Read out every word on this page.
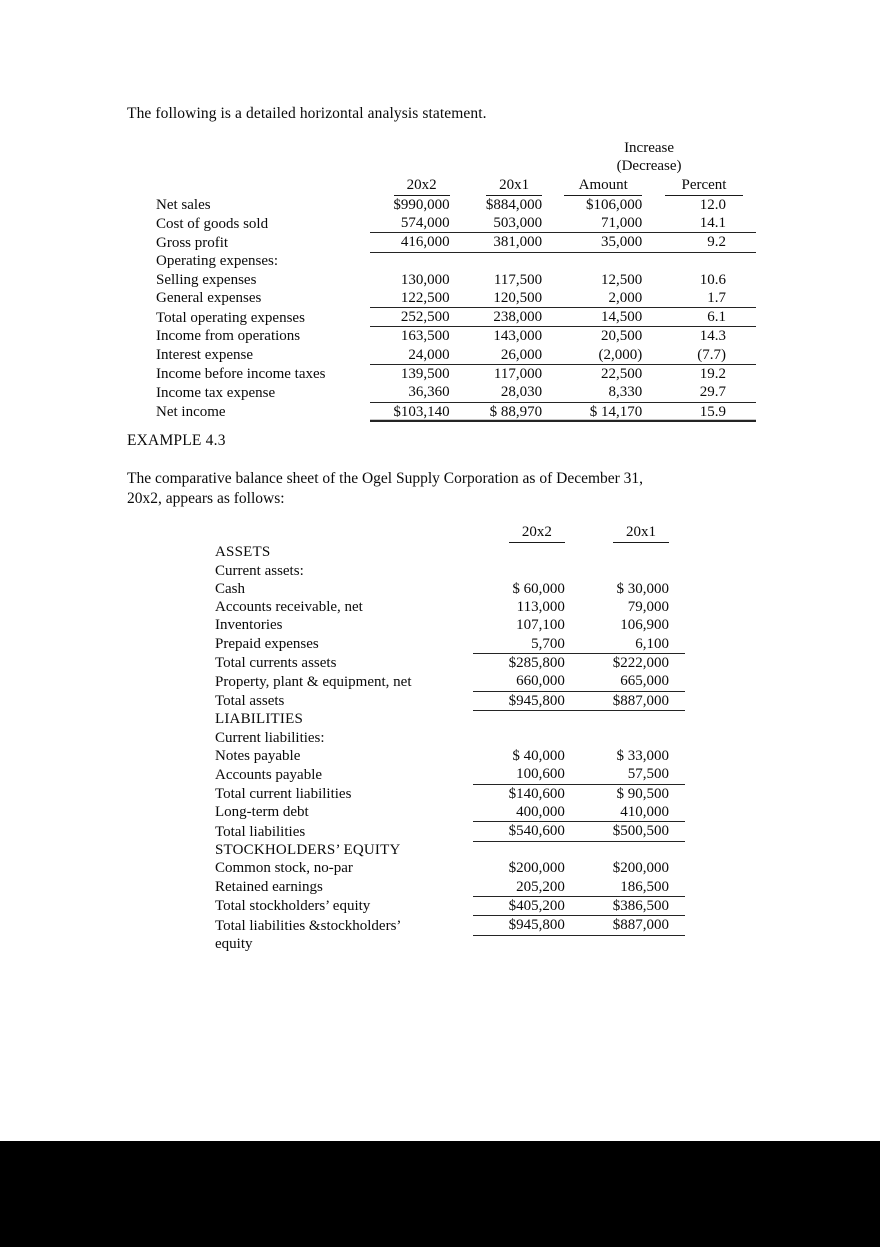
The following is a detailed horizontal analysis statement.

			Increase
(Decrease)	

	20x2	20x1	Amount	Percent
Net sales	$990,000	$884,000	$106,000	12.0
Cost of goods sold	574,000	503,000	71,000	14.1
Gross profit	416,000	381,000	35,000	9.2
Operating expenses:				
Selling expenses	130,000	117,500	12,500	10.6
General expenses	122,500	120,500	2,000	1.7
Total operating expenses	252,500	238,000	14,500	6.1
Income from operations	163,500	143,000	20,500	14.3
Interest expense	24,000	26,000	(2,000)	(7.7)
Income before income taxes	139,500	117,000	22,500	19.2
Income tax expense	36,360	28,030	8,330	29.7
Net income	$103,140	$ 88,970	$ 14,170	15.9
EXAMPLE 4.3
The comparative balance sheet of the Ogel Supply Corporation as of December 31,
20x2, appears as follows:
	20x2	20x1
ASSETS		
Current assets:		
Cash	$ 60,000	$ 30,000
Accounts receivable, net	113,000	79,000
Inventories	107,100	106,900
Prepaid expenses	5,700	6,100
Total currents assets	$285,800	$222,000
Property, plant & equipment, net	660,000	665,000
Total assets	$945,800	$887,000
LIABILITIES		
Current liabilities:		
Notes payable	$ 40,000	$ 33,000
Accounts payable	100,600	57,500
Total current liabilities	$140,600	$ 90,500
Long-term debt	400,000	410,000
Total liabilities	$540,600	$500,500
STOCKHOLDERS’ EQUITY		
Common stock, no-par	$200,000	$200,000
Retained earnings	205,200	186,500
Total stockholders’ equity	$405,200	$386,500
Total liabilities &stockholders’	$945,800	$887,000
equity		
